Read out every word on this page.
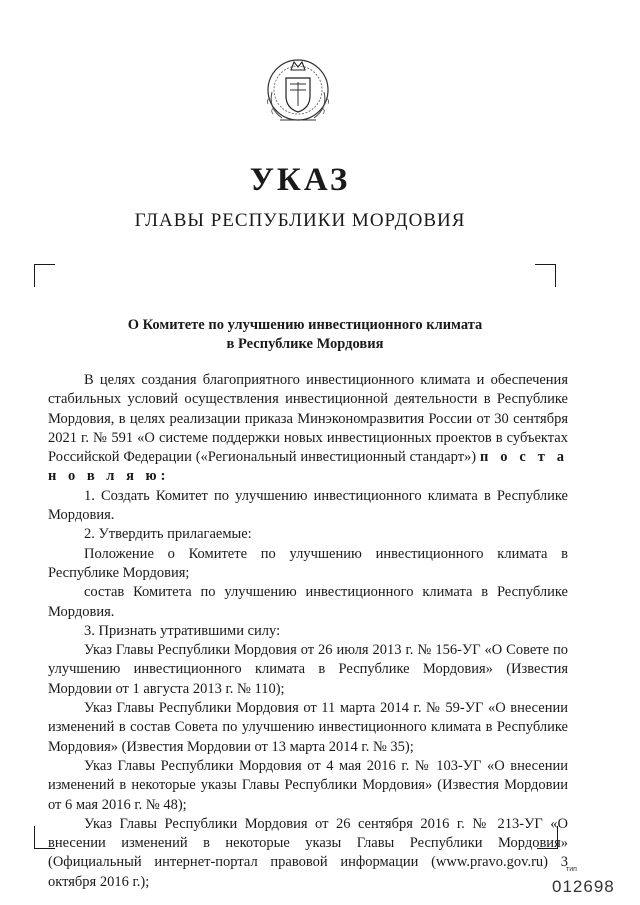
УКАЗ
ГЛАВЫ РЕСПУБЛИКИ МОРДОВИЯ
О Комитете по улучшению инвестиционного климата
в Республике Мордовия

В целях создания благоприятного инвестиционного климата и обеспечения стабильных условий осуществления инвестиционной деятельности в Республике Мордовия, в целях реализации приказа Минэкономразвития России от 30 сентября 2021 г. № 591 «О системе поддержки новых инвестиционных проектов в субъектах Российской Федерации («Региональный инвестиционный стандарт») п о с т а н о в л я ю:

1. Создать Комитет по улучшению инвестиционного климата в Республике Мордовия.

2. Утвердить прилагаемые:

Положение о Комитете по улучшению инвестиционного климата в Республике Мордовия;

состав Комитета по улучшению инвестиционного климата в Республике Мордовия.

3. Признать утратившими силу:

Указ Главы Республики Мордовия от 26 июля 2013 г. № 156-УГ «О Совете по улучшению инвестиционного климата в Республике Мордовия» (Известия Мордовии от 1 августа 2013 г. № 110);

Указ Главы Республики Мордовия от 11 марта 2014 г. № 59-УГ «О внесении изменений в состав Совета по улучшению инвестиционного климата в Республике Мордовия» (Известия Мордовии от 13 марта 2014 г. № 35);

Указ Главы Республики Мордовия от 4 мая 2016 г. № 103-УГ «О внесении изменений в некоторые указы Главы Республики Мордовия» (Известия Мордовии от 6 мая 2016 г. № 48);

Указ Главы Республики Мордовия от 26 сентября 2016 г. № 213-УГ «О внесении изменений в некоторые указы Главы Республики Мордовия» (Официальный интернет-портал правовой информации (www.pravo.gov.ru) 3 октября 2016 г.);

тип
012698
